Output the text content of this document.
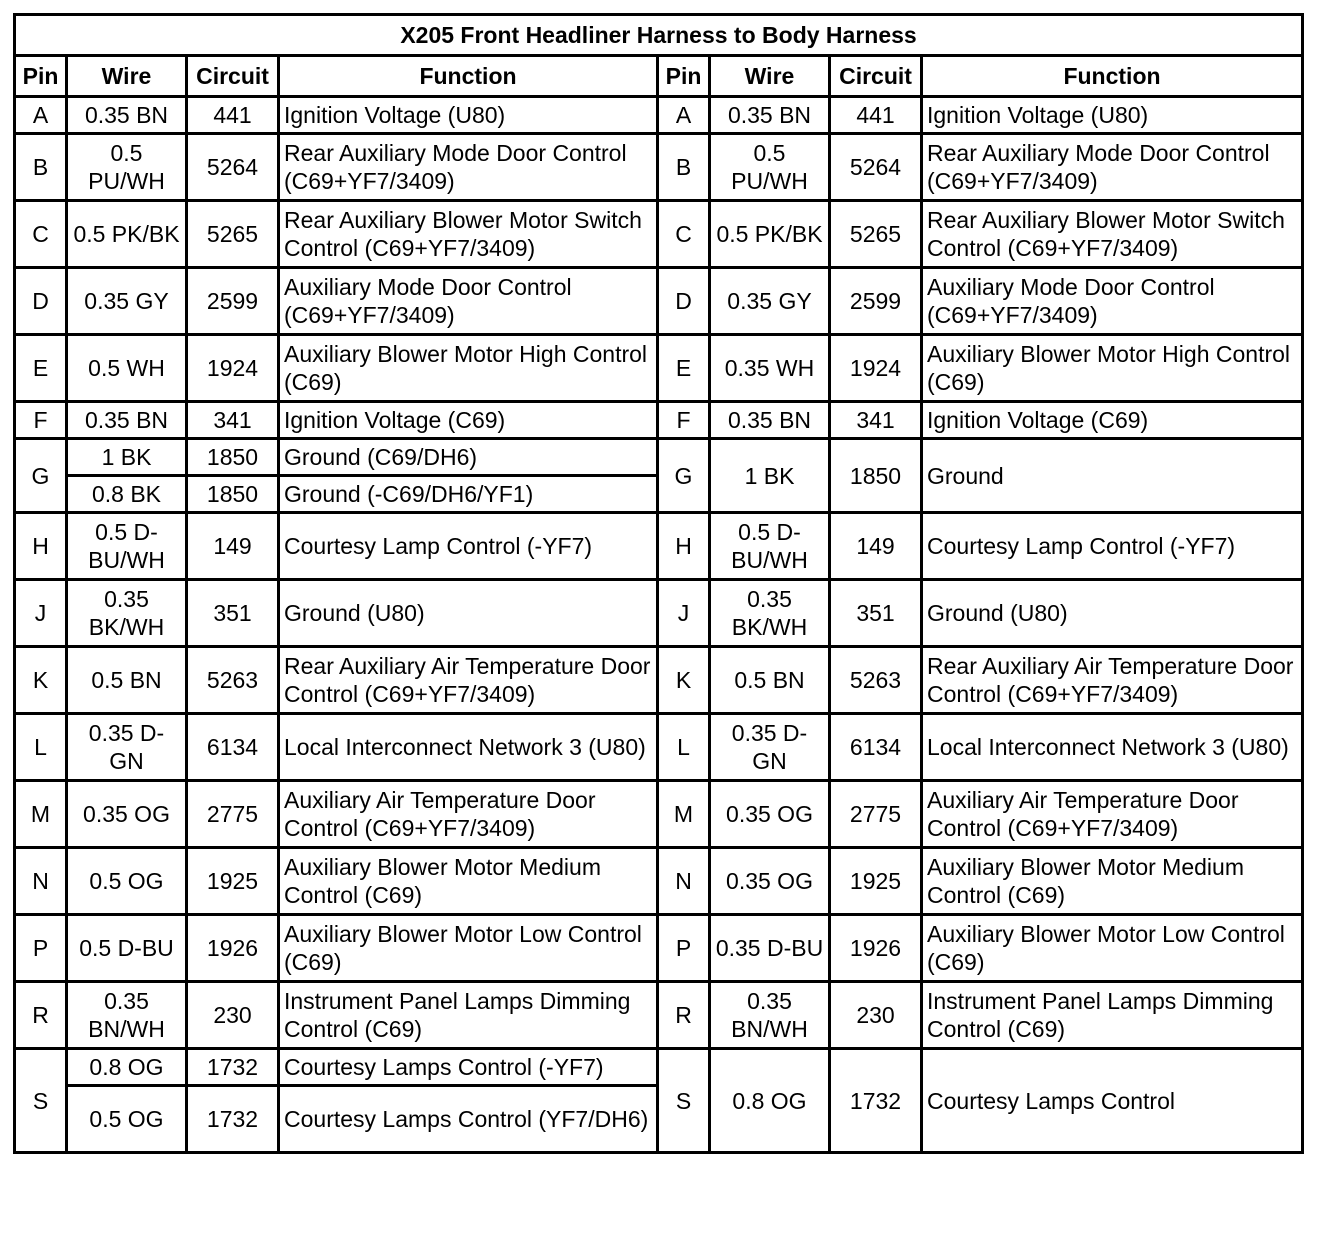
X205 Front Headliner Harness to Body Harness							
Pin	Wire	Circuit	Function	Pin	Wire	Circuit	Function
A	0.35 BN	441	Ignition Voltage (U80)	A	0.35 BN	441	Ignition Voltage (U80)
B	0.5 PU/WH	5264	Rear Auxiliary Mode Door Control (C69+YF7/3409)	B	0.5 PU/WH	5264	Rear Auxiliary Mode Door Control (C69+YF7/3409)
C	0.5 PK/BK	5265	Rear Auxiliary Blower Motor Switch Control (C69+YF7/3409)	C	0.5 PK/BK	5265	Rear Auxiliary Blower Motor Switch Control (C69+YF7/3409)
D	0.35 GY	2599	Auxiliary Mode Door Control (C69+YF7/3409)	D	0.35 GY	2599	Auxiliary Mode Door Control (C69+YF7/3409)
E	0.5 WH	1924	Auxiliary Blower Motor High Control (C69)	E	0.35 WH	1924	Auxiliary Blower Motor High Control (C69)
F	0.35 BN	341	Ignition Voltage (C69)	F	0.35 BN	341	Ignition Voltage (C69)
G	1 BK	1850	Ground (C69/DH6)	G	1 BK	1850	Ground
	0.8 BK	1850	Ground (-C69/DH6/YF1)				
H	0.5 D-BU/WH	149	Courtesy Lamp Control (-YF7)	H	0.5 D-BU/WH	149	Courtesy Lamp Control (-YF7)
J	0.35 BK/WH	351	Ground (U80)	J	0.35 BK/WH	351	Ground (U80)
K	0.5 BN	5263	Rear Auxiliary Air Temperature Door Control (C69+YF7/3409)	K	0.5 BN	5263	Rear Auxiliary Air Temperature Door Control (C69+YF7/3409)
L	0.35 D-GN	6134	Local Interconnect Network 3 (U80)	L	0.35 D-GN	6134	Local Interconnect Network 3 (U80)
M	0.35 OG	2775	Auxiliary Air Temperature Door Control (C69+YF7/3409)	M	0.35 OG	2775	Auxiliary Air Temperature Door Control (C69+YF7/3409)
N	0.5 OG	1925	Auxiliary Blower Motor Medium Control (C69)	N	0.35 OG	1925	Auxiliary Blower Motor Medium Control (C69)
P	0.5 D-BU	1926	Auxiliary Blower Motor Low Control (C69)	P	0.35 D-BU	1926	Auxiliary Blower Motor Low Control (C69)
R	0.35 BN/WH	230	Instrument Panel Lamps Dimming Control (C69)	R	0.35 BN/WH	230	Instrument Panel Lamps Dimming Control (C69)
S	0.8 OG	1732	Courtesy Lamps Control (-YF7)	S	0.8 OG	1732	Courtesy Lamps Control
	0.5 OG	1732	Courtesy Lamps Control (YF7/DH6)				
